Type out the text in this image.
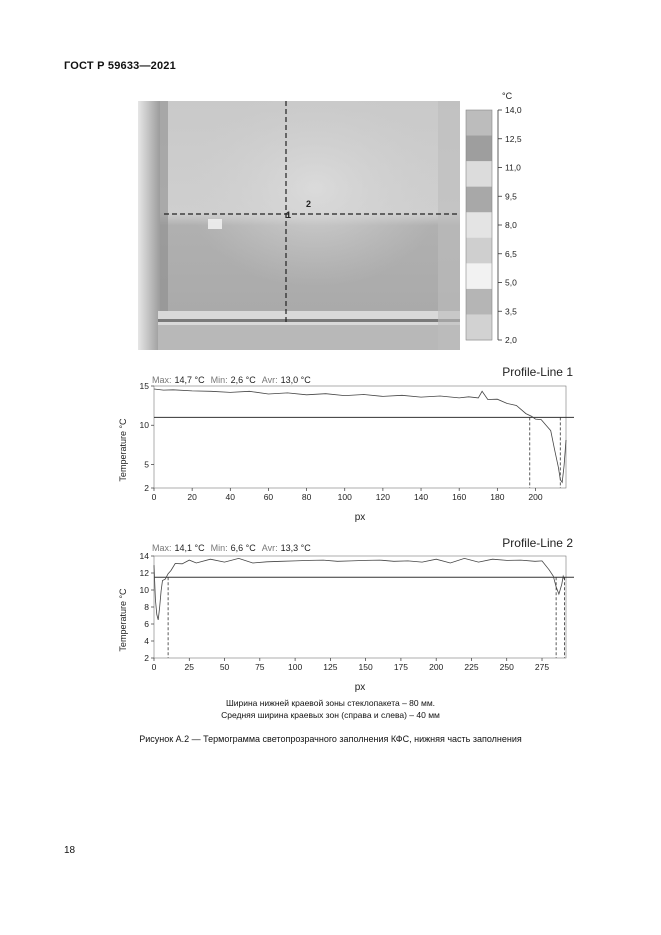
ГОСТ Р 59633—2021
1
2
°C
14,0
12,5
11,0
9,5
8,0
6,5
5,0
3,5
2,0
Max: 14,7 °C Min: 2,6 °C Avr: 13,0 °C
Profile-Line 1
Temperature °C
px
15
10
5
2
0	20	40	60	80	100	120	140	160	180	200
Max: 14,1 °C Min: 6,6 °C Avr: 13,3 °C	Profile-Line 2
Temperature °C
px
14
12
10
8
6
4
2
0	25	50	75	100 125 150 175 200 225 250 275
Ширина нижней краевой зоны стеклопакета – 80 мм.
Средняя ширина краевых зон (справа и слева) – 40 мм
Рисунок А.2 — Термограмма светопрозрачного заполнения КФС, нижняя часть заполнения
18
